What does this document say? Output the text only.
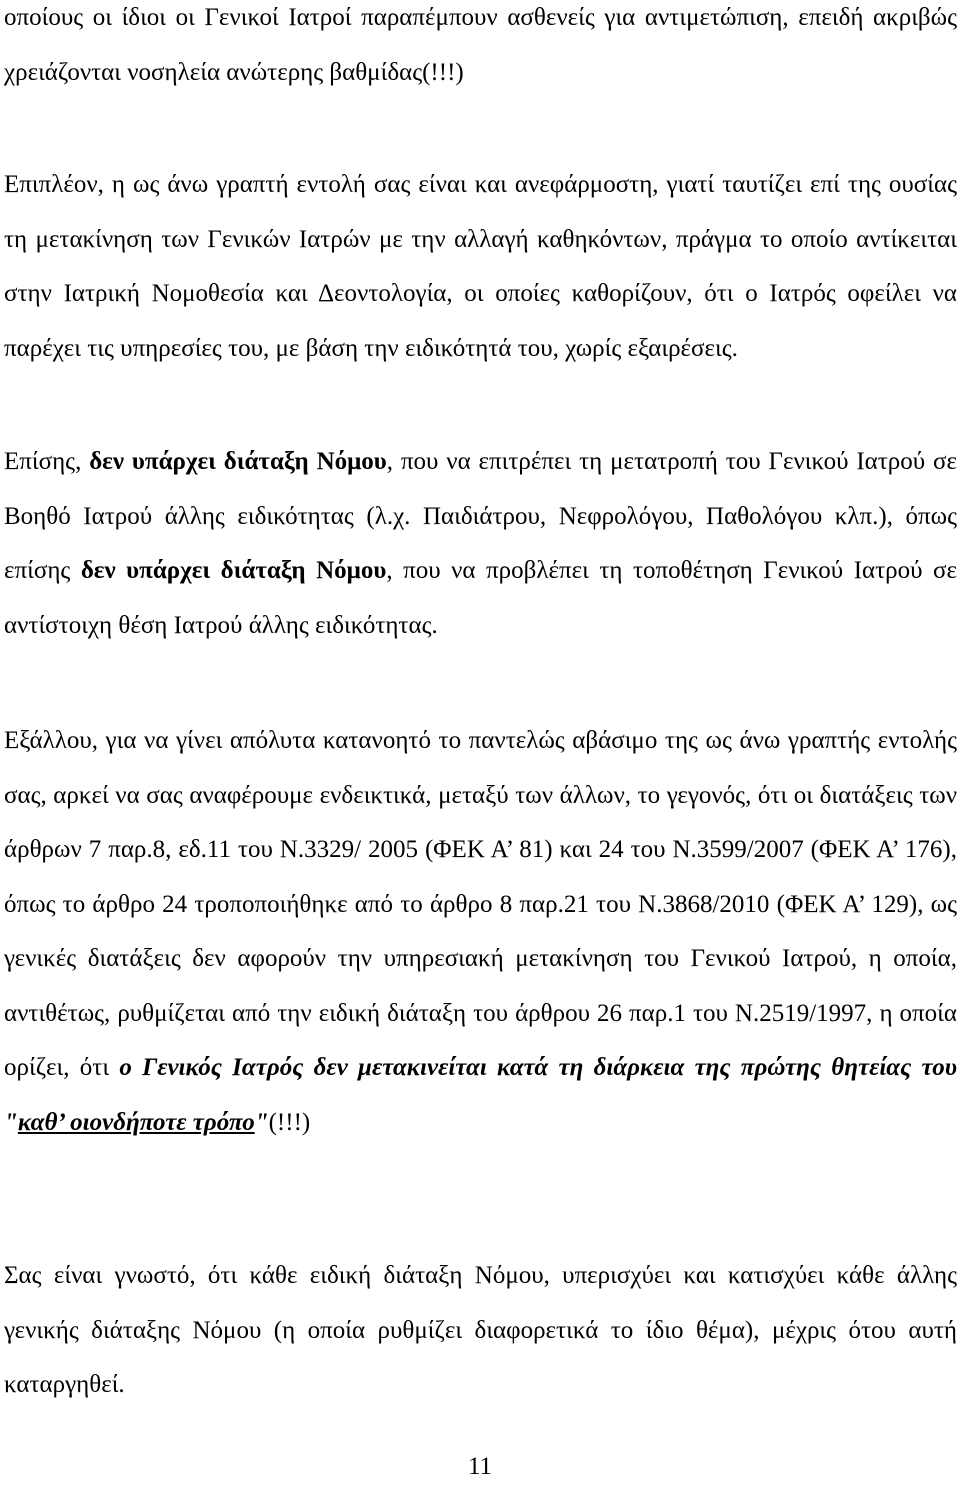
οποίους οι ίδιοι οι Γενικοί Ιατροί παραπέμπουν ασθενείς για αντιμετώπιση, επειδή ακριβώς χρειάζονται νοσηλεία ανώτερης βαθμίδας(!!!)

Επιπλέον, η ως άνω γραπτή εντολή σας είναι και ανεφάρμοστη, γιατί ταυτίζει επί της ουσίας τη μετακίνηση των Γενικών Ιατρών με την αλλαγή καθηκόντων, πράγμα το οποίο αντίκειται στην Ιατρική Νομοθεσία και Δεοντολογία, οι οποίες καθορίζουν, ότι ο Ιατρός οφείλει να παρέχει τις υπηρεσίες του, με βάση την ειδικότητά του, χωρίς εξαιρέσεις.

Επίσης, δεν υπάρχει διάταξη Νόμου, που να επιτρέπει τη μετατροπή του Γενικού Ιατρού σε Βοηθό Ιατρού άλλης ειδικότητας (λ.χ. Παιδιάτρου, Νεφρολόγου, Παθολόγου κλπ.), όπως επίσης δεν υπάρχει διάταξη Νόμου, που να προβλέπει τη τοποθέτηση Γενικού Ιατρού σε αντίστοιχη θέση Ιατρού άλλης ειδικότητας.

Εξάλλου, για να γίνει απόλυτα κατανοητό το παντελώς αβάσιμο της ως άνω γραπτής εντολής σας, αρκεί να σας αναφέρουμε ενδεικτικά, μεταξύ των άλλων, το γεγονός, ότι οι διατάξεις των άρθρων 7 παρ.8, εδ.11 του Ν.3329/ 2005 (ΦΕΚ Α’ 81) και 24 του Ν.3599/2007 (ΦΕΚ Α’ 176), όπως το άρθρο 24 τροποποιήθηκε από το άρθρο 8 παρ.21 του Ν.3868/2010 (ΦΕΚ Α’ 129), ως γενικές διατάξεις δεν αφορούν την υπηρεσιακή μετακίνηση του Γενικού Ιατρού, η οποία, αντιθέτως, ρυθμίζεται από την ειδική διάταξη του άρθρου 26 παρ.1 του Ν.2519/1997, η οποία ορίζει, ότι ο Γενικός Ιατρός δεν μετακινείται κατά τη διάρκεια της πρώτης θητείας του "καθ’ οιονδήποτε τρόπο"(!!!)

Σας είναι γνωστό, ότι κάθε ειδική διάταξη Νόμου, υπερισχύει και κατισχύει κάθε άλλης γενικής διάταξης Νόμου (η οποία ρυθμίζει διαφορετικά το ίδιο θέμα), μέχρις ότου αυτή καταργηθεί.

11
